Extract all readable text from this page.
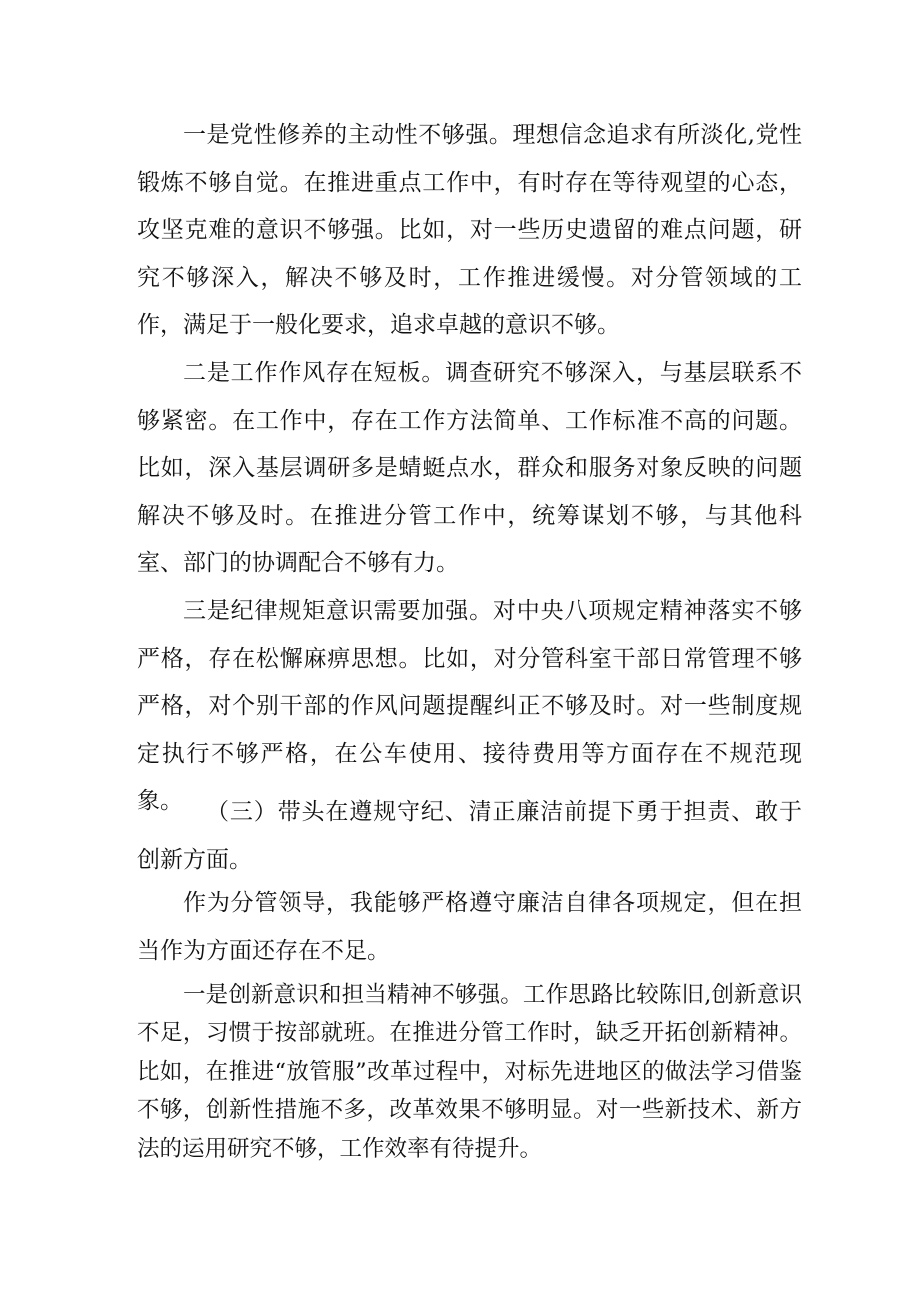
一是党性修养的主动性不够强。理想信念追求有所淡化,党性锻炼不够自觉。在推进重点工作中，有时存在等待观望的心态，攻坚克难的意识不够强。比如，对一些历史遗留的难点问题，研究不够深入，解决不够及时，工作推进缓慢。对分管领域的工作，满足于一般化要求，追求卓越的意识不够。

二是工作作风存在短板。调查研究不够深入，与基层联系不够紧密。在工作中，存在工作方法简单、工作标准不高的问题。比如，深入基层调研多是蜻蜓点水，群众和服务对象反映的问题解决不够及时。在推进分管工作中，统筹谋划不够，与其他科室、部门的协调配合不够有力。

三是纪律规矩意识需要加强。对中央八项规定精神落实不够严格，存在松懈麻痹思想。比如，对分管科室干部日常管理不够严格，对个别干部的作风问题提醒纠正不够及时。对一些制度规定执行不够严格，在公车使用、接待费用等方面存在不规范现象。	（三）带头在遵规守纪、清正廉洁前提下勇于担责、敢于创新方面。

作为分管领导，我能够严格遵守廉洁自律各项规定，但在担当作为方面还存在不足。

一是创新意识和担当精神不够强。工作思路比较陈旧,创新意识不足，习惯于按部就班。在推进分管工作时，缺乏开拓创新精神。比如，在推进“放管服”改革过程中，对标先进地区的做法学习借鉴不够，创新性措施不多，改革效果不够明显。对一些新技术、新方法的运用研究不够，工作效率有待提升。
